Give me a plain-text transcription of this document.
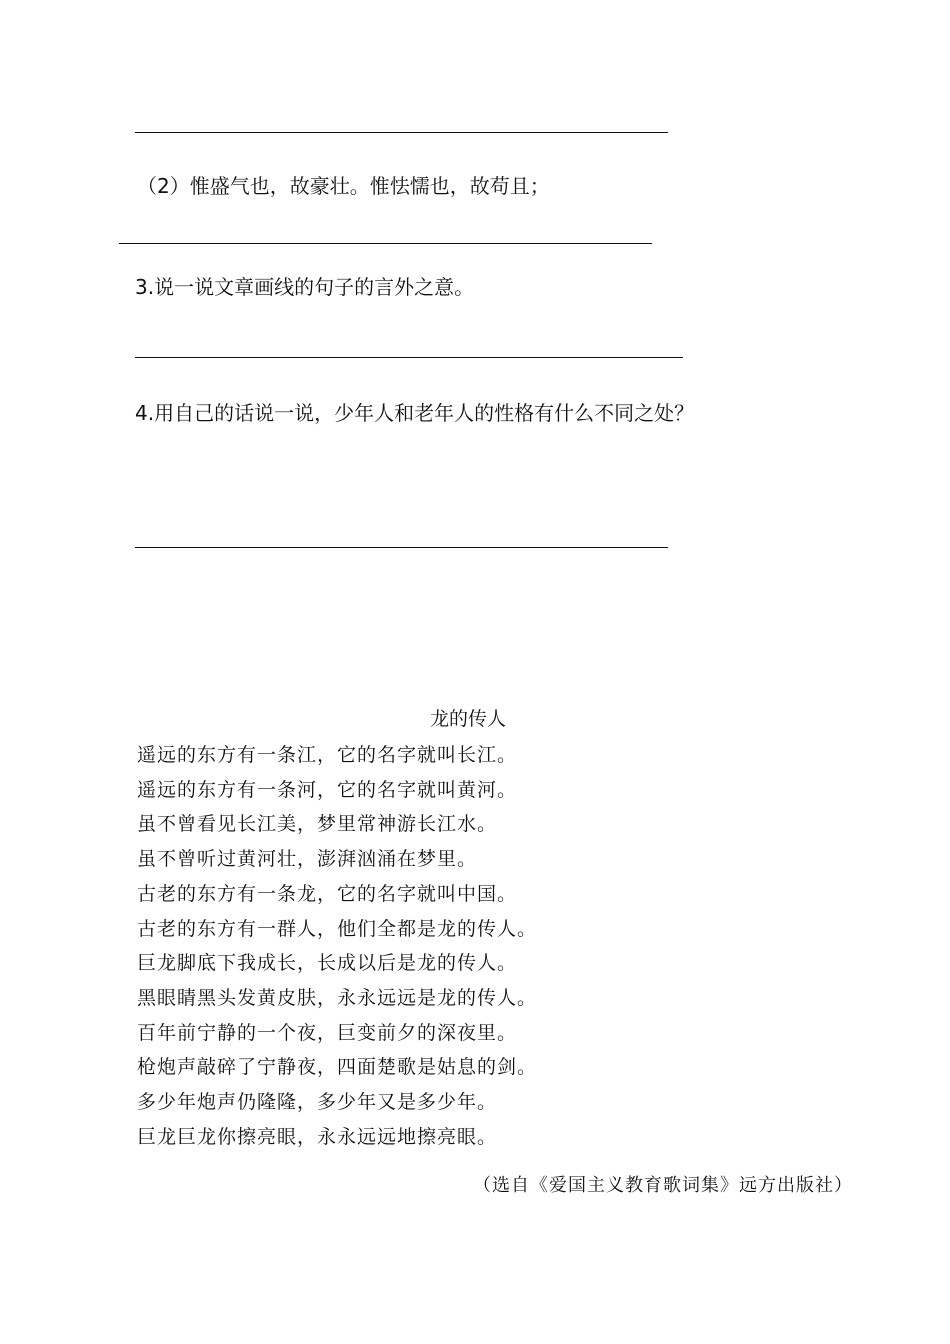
（2）惟盛气也，故豪壮。惟怯懦也，故苟且；
3.说一说文章画线的句子的言外之意。
4.用自己的话说一说，少年人和老年人的性格有什么不同之处？
龙的传人
遥远的东方有一条江，它的名字就叫长江。
遥远的东方有一条河，它的名字就叫黄河。
虽不曾看见长江美，梦里常神游长江水。
虽不曾听过黄河壮，澎湃汹涌在梦里。
古老的东方有一条龙，它的名字就叫中国。
古老的东方有一群人，他们全都是龙的传人。
巨龙脚底下我成长，长成以后是龙的传人。
黑眼睛黑头发黄皮肤，永永远远是龙的传人。
百年前宁静的一个夜，巨变前夕的深夜里。
枪炮声敲碎了宁静夜，四面楚歌是姑息的剑。
多少年炮声仍隆隆，多少年又是多少年。
巨龙巨龙你擦亮眼，永永远远地擦亮眼。
（选自《爱国主义教育歌词集》远方出版社）
